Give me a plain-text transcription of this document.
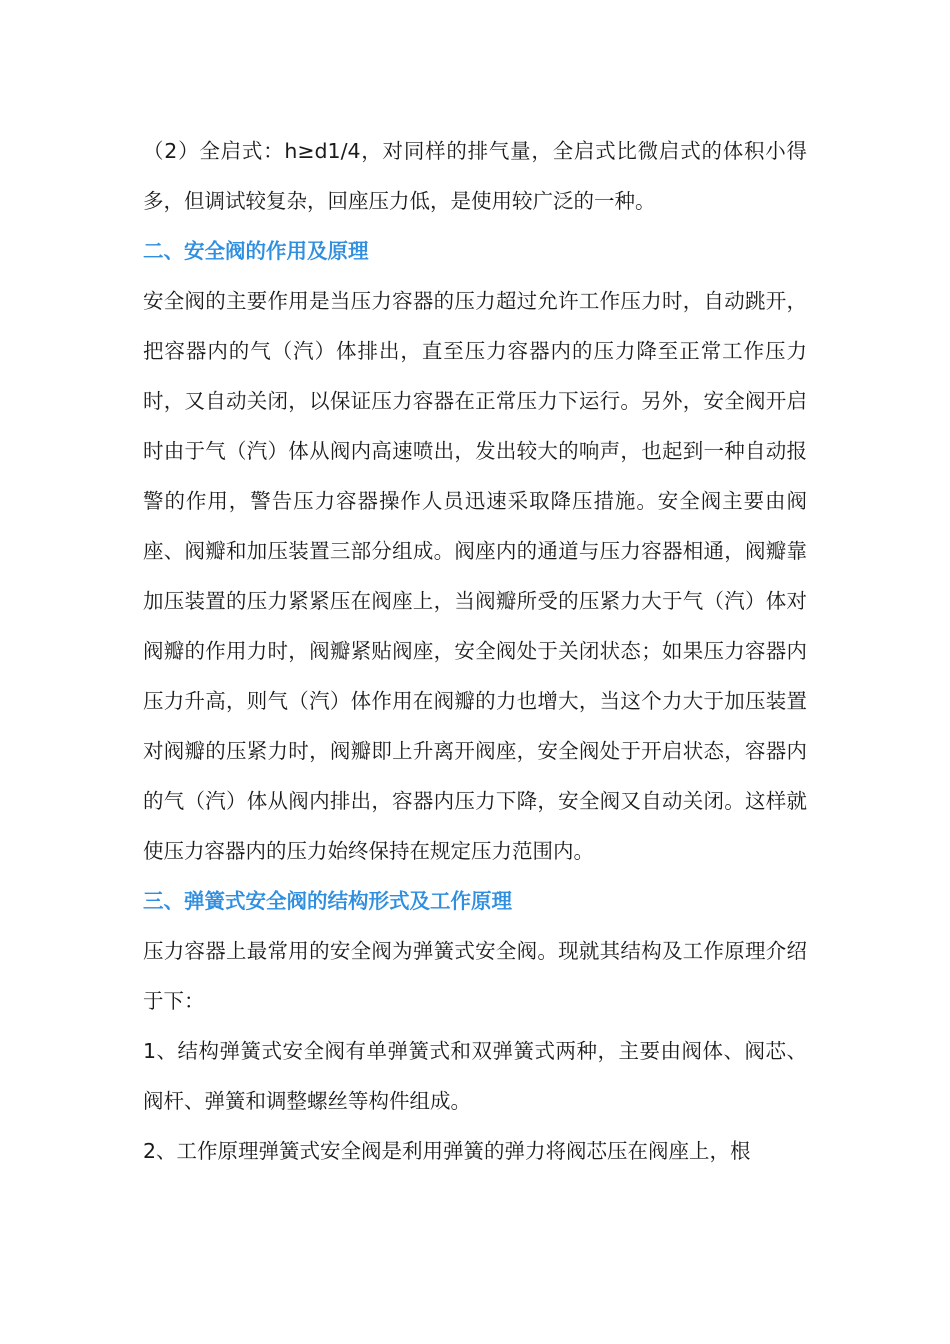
（2）全启式：h≥d1/4，对同样的排气量，全启式比微启式的体积小得多，但调试较复杂，回座压力低，是使用较广泛的一种。

二、安全阀的作用及原理

安全阀的主要作用是当压力容器的压力超过允许工作压力时，自动跳开，把容器内的气（汽）体排出，直至压力容器内的压力降至正常工作压力时，又自动关闭，以保证压力容器在正常压力下运行。另外，安全阀开启时由于气（汽）体从阀内高速喷出，发出较大的响声，也起到一种自动报警的作用，警告压力容器操作人员迅速采取降压措施。安全阀主要由阀座、阀瓣和加压装置三部分组成。阀座内的通道与压力容器相通，阀瓣靠加压装置的压力紧紧压在阀座上，当阀瓣所受的压紧力大于气（汽）体对阀瓣的作用力时，阀瓣紧贴阀座，安全阀处于关闭状态；如果压力容器内压力升高，则气（汽）体作用在阀瓣的力也增大，当这个力大于加压装置对阀瓣的压紧力时，阀瓣即上升离开阀座，安全阀处于开启状态，容器内的气（汽）体从阀内排出，容器内压力下降，安全阀又自动关闭。这样就使压力容器内的压力始终保持在规定压力范围内。

三、弹簧式安全阀的结构形式及工作原理

压力容器上最常用的安全阀为弹簧式安全阀。现就其结构及工作原理介绍于下：

1、结构弹簧式安全阀有单弹簧式和双弹簧式两种，主要由阀体、阀芯、阀杆、弹簧和调整螺丝等构件组成。

2、工作原理弹簧式安全阀是利用弹簧的弹力将阀芯压在阀座上，根
